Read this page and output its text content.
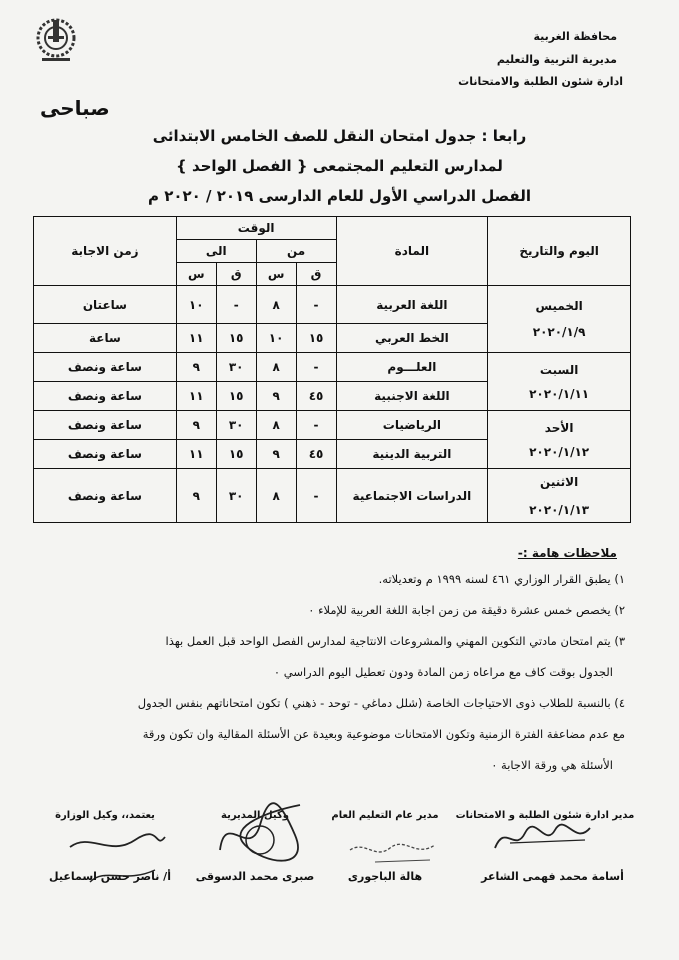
محافظة الغربية
مديرية التربية والتعليم
ادارة شئون الطلبة والامتحانات
صباحى
رابعا : جدول امتحان النقل للصف الخامس الابتدائى
لمدارس التعليم المجتمعى { الفصل الواحد }
الفصل الدراسي الأول للعام الدارسى ٢٠١٩ / ٢٠٢٠ م
اليوم والتاريخ	المادة	الوقت				زمن الاجابة
		من		الى		
		ق	س	ق	س	

الخميس
٢٠٢٠/١/٩	اللغة العربية	-	٨	-	١٠	ساعتان
	الخط العربي	١٥	١٠	١٥	١١	ساعة

السبت
٢٠٢٠/١/١١	العلـــوم	-	٨	٣٠	٩	ساعة ونصف
	اللغة الاجنبية	٤٥	٩	١٥	١١	ساعة ونصف

الأحد
٢٠٢٠/١/١٢	الرياضيات	-	٨	٣٠	٩	ساعة ونصف
	التربية الدينية	٤٥	٩	١٥	١١	ساعة ونصف

الاثنين
٢٠٢٠/١/١٣	الدراسات الاجتماعية	-	٨	٣٠	٩	ساعة ونصف
ملاحظات هامة :-
١) يطبق القرار الوزاري ٤٦١ لسنه ١٩٩٩ م وتعديلاته.
٢) يخصص خمس عشرة دقيقة من زمن اجابة اللغة العربية للإملاء ٠
٣) يتم امتحان مادتي التكوين المهني والمشروعات الانتاجية لمدارس الفصل الواحد قبل العمل بهذا
الجدول بوقت كاف مع مراعاه زمن المادة ودون تعطيل اليوم الدراسي ٠
٤) بالنسبة للطلاب ذوى الاحتياجات الخاصة (شلل دماغي - توحد - ذهني ) تكون امتحاناتهم بنفس الجدول
مع عدم مضاعفة الفترة الزمنية وتكون الامتحانات موضوعية وبعيدة عن الأسئلة المقالية وان تكون ورقة
الأسئلة هي ورقة الاجابة ٠
مدير ادارة شئون الطلبة و الامتحانات
مدير عام التعليم العام
وكيل المديرية
يعتمد،، وكيل الوزارة
أسامة محمد فهمى الشاعر
هالة الباجورى
صبرى محمد الدسوقى
أ/ ناصر حسن اسماعيل
